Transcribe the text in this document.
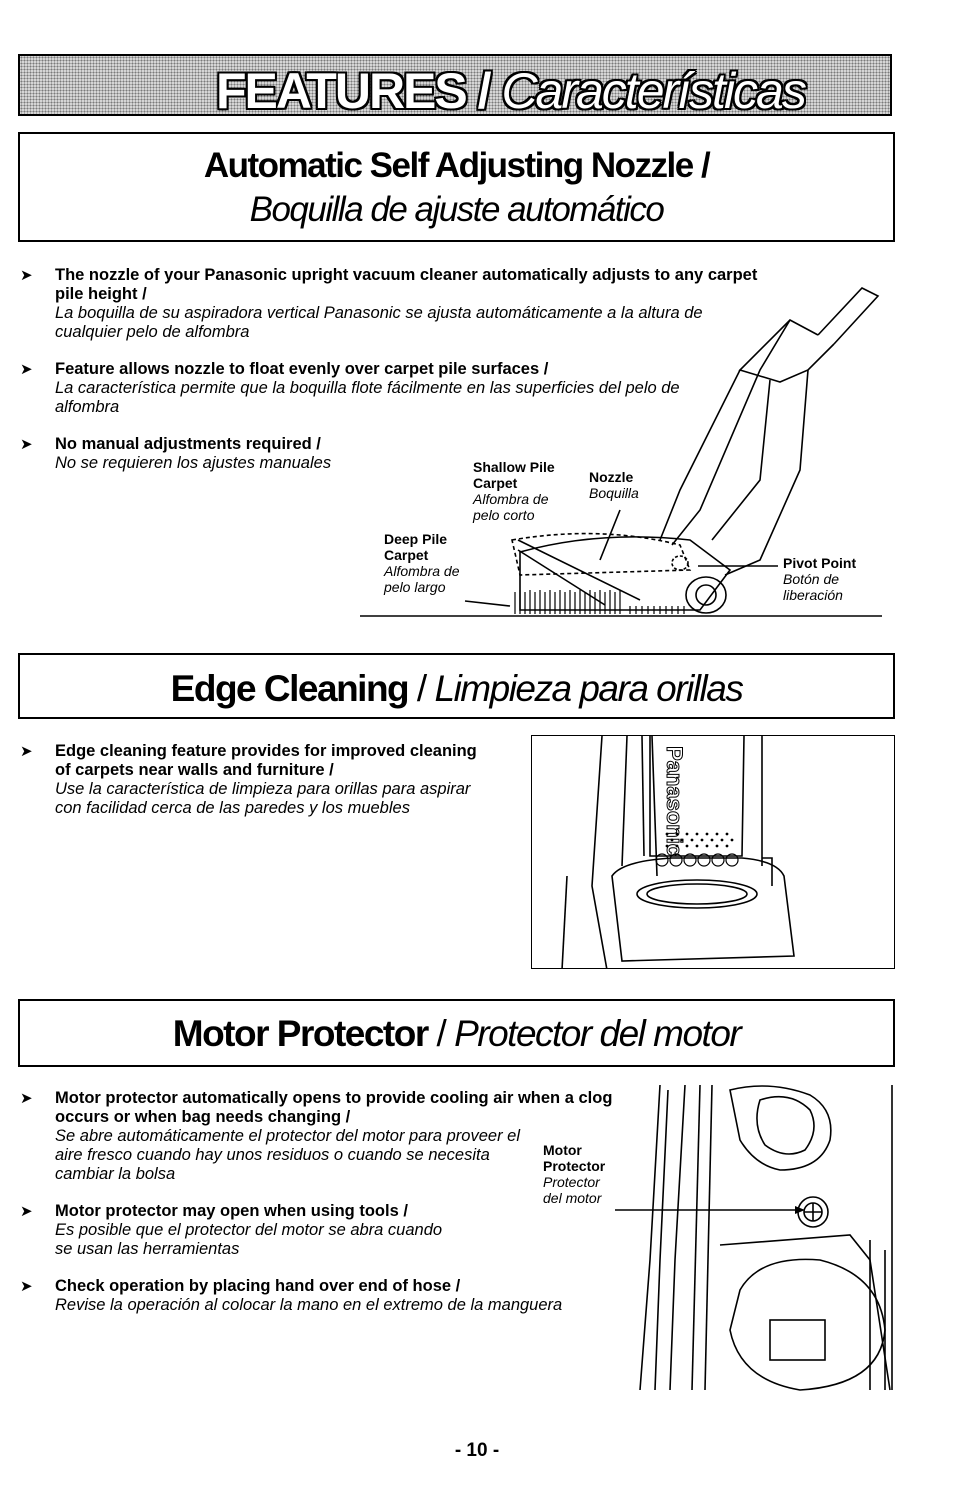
FEATURES / Características
Automatic Self Adjusting Nozzle /
Boquilla de ajuste automático
➤ The nozzle of your Panasonic upright vacuum cleaner automatically adjusts to any carpet pile height /
La boquilla de su aspiradora vertical Panasonic se ajusta automáticamente a la altura de cualquier pelo de alfombra
➤ Feature allows nozzle to float evenly over carpet pile surfaces /
La característica permite que la boquilla flote fácilmente en las superficies del pelo de alfombra
➤ No manual adjustments required /
No se requieren los ajustes manuales	Shallow Pile Carpet
Alfombra de pelo corto
Nozzle
Boquilla
Deep Pile Carpet
Alfombra de pelo largo
Pivot Point
Botón de liberación
Edge Cleaning / Limpieza para orillas
➤ Edge cleaning feature provides for improved cleaning of carpets near walls and furniture /
Use la característica de limpieza para orillas para aspirar con facilidad cerca de las paredes y los muebles	Panasonic
Motor Protector / Protector del motor
➤ Motor protector automatically opens to provide cooling air when a clog occurs or when bag needs changing /
Se abre automáticamente el protector del motor para proveer el aire fresco cuando hay unos residuos o cuando se necesita cambiar la bolsa
➤ Motor protector may open when using tools /
Es posible que el protector del motor se abra cuando se usan las herramientas
➤ Check operation by placing hand over end of hose /
Revise la operación al colocar la mano en el extremo de la manguera
Motor Protector
Protector del motor
- 10 -
